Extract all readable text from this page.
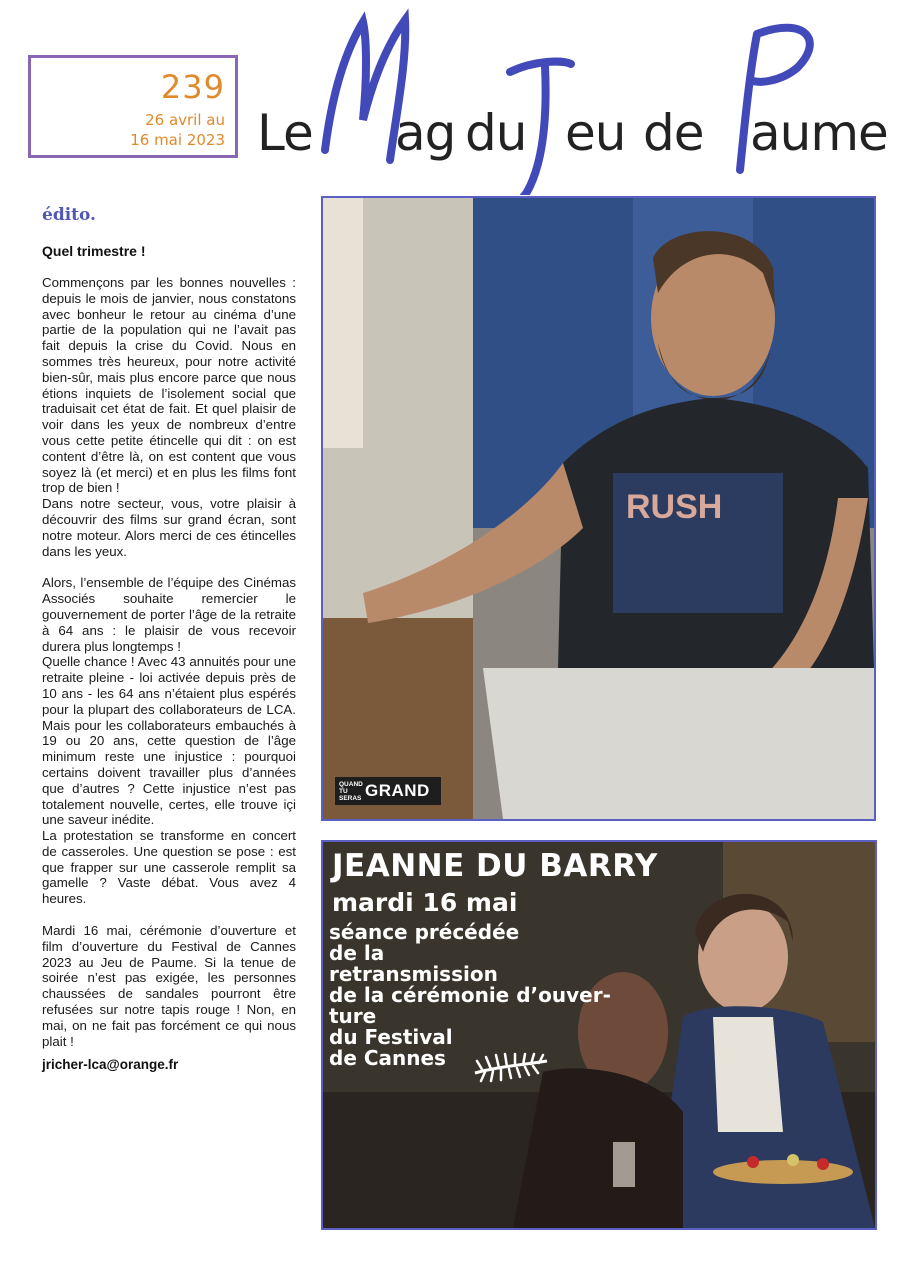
239
26 avril au
16 mai 2023 Le ag du eu de aume
édito.
Quel trimestre !

Commençons par les bonnes nouvelles : depuis le mois de janvier, nous constatons avec bonheur le retour au cinéma d’une partie de la population qui ne l’avait pas fait depuis la crise du Covid. Nous en sommes très heureux, pour notre activité bien-sûr, mais plus encore parce que nous étions inquiets de l’isolement social que traduisait cet état de fait. Et quel plaisir de voir dans les yeux de nombreux d’entre vous cette petite étincelle qui dit : on est content d’être là, on est content que vous soyez là (et merci) et en plus les films font trop de bien !

Dans notre secteur, vous, votre plaisir à découvrir des films sur grand écran, sont notre moteur. Alors merci de ces étincelles dans les yeux.

Alors, l’ensemble de l’équipe des Cinémas Associés souhaite remercier le gouvernement de porter l’âge de la retraite à 64 ans : le plaisir de vous recevoir durera plus longtemps !

Quelle chance ! Avec 43 annuités pour une retraite pleine - loi activée depuis près de 10 ans - les 64 ans n’étaient plus espérés pour la plupart des collaborateurs de LCA. Mais pour les collaborateurs embauchés à 19 ou 20 ans, cette question de l’âge minimum reste une injustice : pourquoi certains doivent travailler plus d’années que d’autres ? Cette injustice n’est pas totalement nouvelle, certes, elle trouve içi une saveur inédite.

La protestation se transforme en concert de casseroles. Une question se pose : est que frapper sur une casserole remplit sa gamelle ? Vaste débat. Vous avez 4 heures.

Mardi 16 mai, cérémonie d’ouverture et film d’ouverture du Festival de Cannes 2023 au Jeu de Paume. Si la tenue de soirée n’est pas exigée, les personnes chaussées de sandales pourront être refusées sur notre tapis rouge ! Non, en mai, on ne fait pas forcément ce qui nous plait !

jricher-lca@orange.fr
RUSH
QUAND TU SERAS GRAND
JEANNE DU BARRY
mardi 16 mai
séance précédée
de la
retransmission
de la cérémonie d’ouver-
ture
du Festival
de Cannes
